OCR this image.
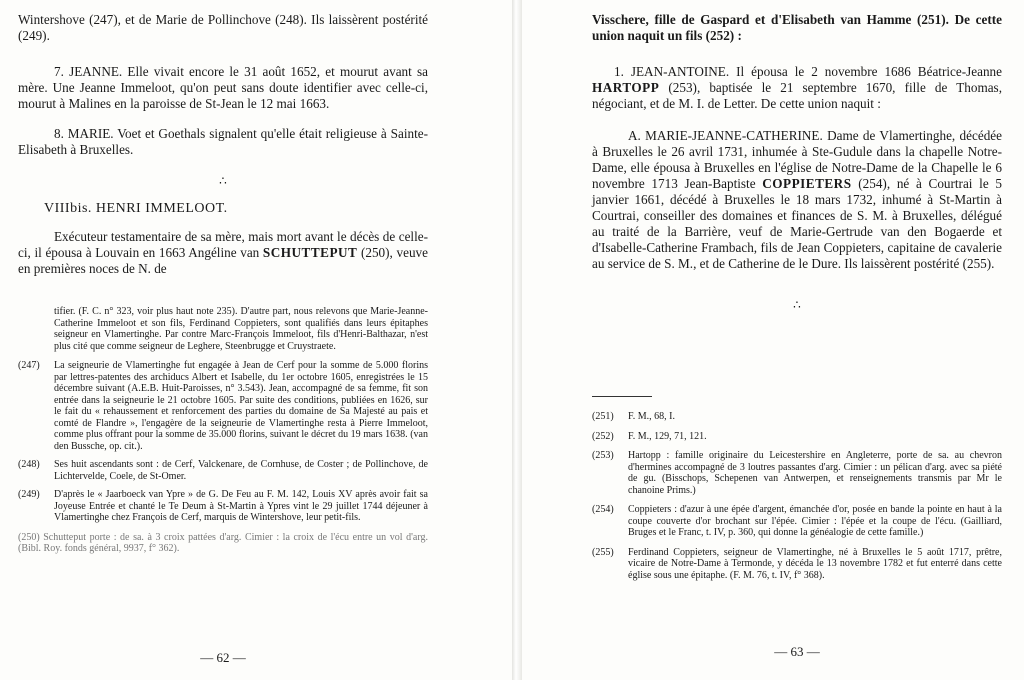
Wintershove (247), et de Marie de Pollinchove (248). Ils laissèrent postérité (249).

7. JEANNE. Elle vivait encore le 31 août 1652, et mourut avant sa mère. Une Jeanne Immeloot, qu'on peut sans doute identifier avec celle-ci, mourut à Malines en la paroisse de St-Jean le 12 mai 1663.

8. MARIE. Voet et Goethals signalent qu'elle était religieuse à Sainte-Elisabeth à Bruxelles.

∴

VIIIbis. HENRI IMMELOOT.

Exécuteur testamentaire de sa mère, mais mort avant le décès de celle-ci, il épousa à Louvain en 1663 Angéline van SCHUTTEPUT (250), veuve en premières noces de N. de

tifier. (F. C. n° 323, voir plus haut note 235). D'autre part, nous relevons que Marie-Jeanne-Catherine Immeloot et son fils, Ferdinand Coppieters, sont qualifiés dans leurs épitaphes seigneur en Vlamertinghe. Par contre Marc-François Immeloot, fils d'Henri-Balthazar, n'est plus cité que comme seigneur de Leghere, Steenbrugge et Cruystraete.

(247)	La seigneurie de Vlamertinghe fut engagée à Jean de Cerf pour la somme de 5.000 florins par lettres-patentes des archiducs Albert et Isabelle, du 1er octobre 1605, enregistrées le 15 décembre suivant (A.E.B. Huit-Paroisses, n° 3.543). Jean, accompagné de sa femme, fit son entrée dans la seigneurie le 21 octobre 1605. Par suite des conditions, publiées en 1626, sur le fait du « rehaussement et renforcement des parties du domaine de Sa Majesté au pais et comté de Flandre », l'engagère de la seigneurie de Vlamertinghe resta à Pierre Immeloot, comme plus offrant pour la somme de 35.000 florins, suivant le décret du 19 mars 1638. (van den Bussche, op. cit.).

(248)	Ses huit ascendants sont : de Cerf, Valckenare, de Cornhuse, de Coster ; de Pollinchove, de Lichtervelde, Coele, de St-Omer.

(249)	D'après le « Jaarboeck van Ypre » de G. De Feu au F. M. 142, Louis XV après avoir fait sa Joyeuse Entrée et chanté le Te Deum à St-Martin à Ypres vint le 29 juillet 1744 déjeuner à Vlamertinghe chez François de Cerf, marquis de Wintershove, leur petit-fils.

(250) Schutteput porte : de sa. à 3 croix pattées d'arg. Cimier : la croix de l'écu entre un vol d'arg. (Bibl. Roy. fonds général, 9937, f° 362).

— 62 —

Visschere, fille de Gaspard et d'Elisabeth van Hamme (251). De cette union naquit un fils (252) :

1. JEAN-ANTOINE. Il épousa le 2 novembre 1686 Béatrice-Jeanne HARTOPP (253), baptisée le 21 septembre 1670, fille de Thomas, négociant, et de M. I. de Letter. De cette union naquit :

A. MARIE-JEANNE-CATHERINE. Dame de Vlamertinghe, décédée à Bruxelles le 26 avril 1731, inhumée à Ste-Gudule dans la chapelle Notre-Dame, elle épousa à Bruxelles en l'église de Notre-Dame de la Chapelle le 6 novembre 1713 Jean-Baptiste COPPIETERS (254), né à Courtrai le 5 janvier 1661, décédé à Bruxelles le 18 mars 1732, inhumé à St-Martin à Courtrai, conseiller des domaines et finances de S. M. à Bruxelles, délégué au traité de la Barrière, veuf de Marie-Gertrude van den Bogaerde et d'Isabelle-Catherine Frambach, fils de Jean Coppieters, capitaine de cavalerie au service de S. M., et de Catherine de le Dure. Ils laissèrent postérité (255).

∴

(251)	F. M., 68, I.

(252)	F. M., 129, 71, 121.

(253)	Hartopp : famille originaire du Leicestershire en Angleterre, porte de sa. au chevron d'hermines accompagné de 3 loutres passantes d'arg. Cimier : un pélican d'arg. avec sa piété de gu. (Bisschops, Schepenen van Antwerpen, et renseignements transmis par Mr le chanoine Prims.)

(254)	Coppieters : d'azur à une épée d'argent, émanchée d'or, posée en bande la pointe en haut à la coupe couverte d'or brochant sur l'épée. Cimier : l'épée et la coupe de l'écu. (Gailliard, Bruges et le Franc, t. IV, p. 360, qui donne la généalogie de cette famille.)

(255)	Ferdinand Coppieters, seigneur de Vlamertinghe, né à Bruxelles le 5 août 1717, prêtre, vicaire de Notre-Dame à Termonde, y décéda le 13 novembre 1782 et fut enterré dans cette église sous une épitaphe. (F. M. 76, t. IV, f° 368).

— 63 —
